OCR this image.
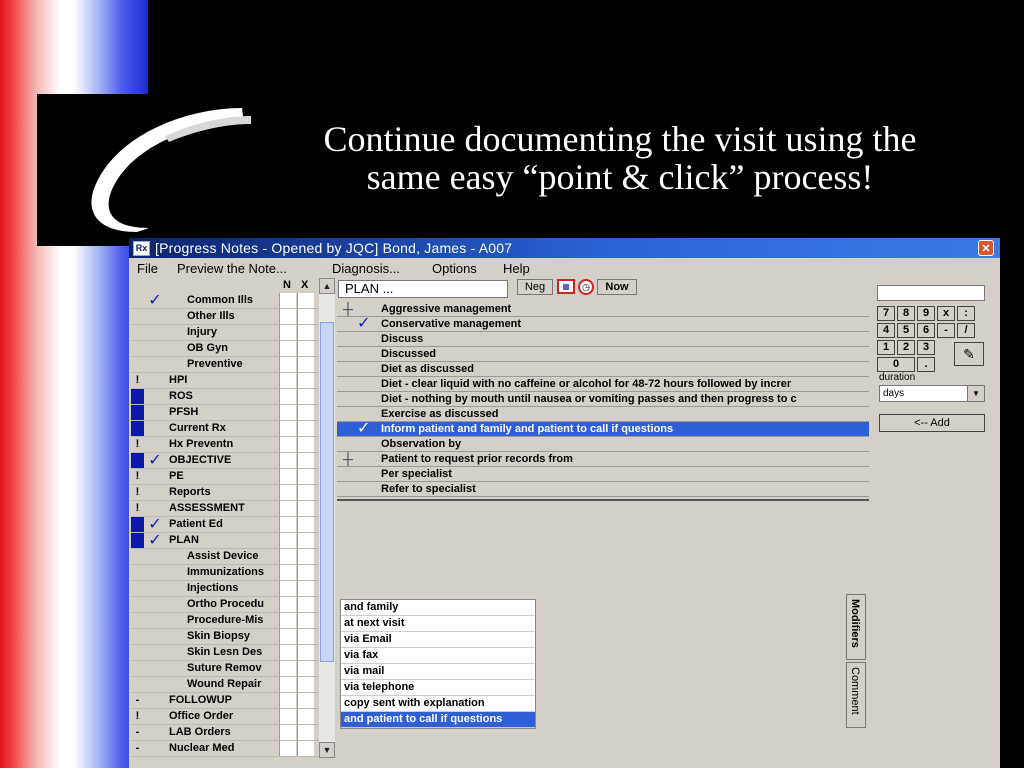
Continue documenting the visit using the
same easy “point & click” process!
Rx [Progress Notes - Opened by JQC] Bond, James - A007	✕
File Preview the Note...	Diagnosis... Options Help
N X
✓ Common Ills
Other Ills
Injury
OB Gyn
Preventive
!	HPI
ROS
PFSH
Current Rx
!	Hx Preventn
✓ OBJECTIVE
!	PE
!	Reports
!	ASSESSMENT
✓ Patient Ed
✓ PLAN
Assist Device
Immunizations
Injections
Ortho Procedu
Procedure-Mis
Skin Biopsy
Skin Lesn Des
Suture Remov
Wound Repair
-	FOLLOWUP
!	Office Order
-	LAB Orders
-	Nuclear Med
▲
▼
PLAN ...	Neg	▦	◷	Now
┼	Aggressive management
✓ Conservative management
Discuss
Discussed
Diet as discussed
Diet - clear liquid with no caffeine or alcohol for 48-72 hours followed by increr
Diet - nothing by mouth until nausea or vomiting passes and then progress to c
Exercise as discussed
✓ Inform patient and family and patient to call if questions
Observation by
┼	Patient to request prior records from
Per specialist
Refer to specialist
and family
at next visit
via Email
via fax
via mail
via telephone
copy sent with explanation
and patient to call if questions
Modifiers
Comment
7	8	9	x	:
4	5	6	-	/
1	2	3
0	.
✎
duration
days	▼
<-- Add
